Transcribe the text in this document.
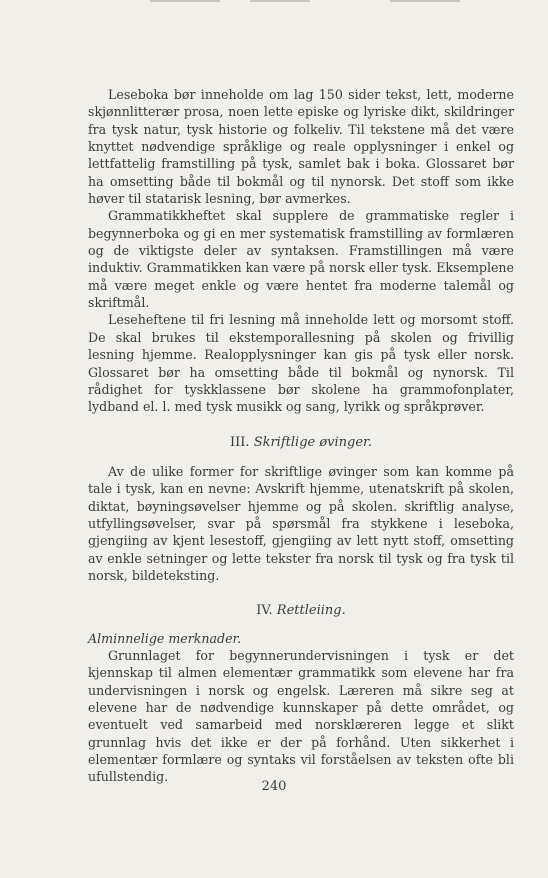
Leseboka bør inneholde om lag 150 sider tekst, lett, moderne skjønnlitterær prosa, noen lette episke og lyriske dikt, skildringer fra tysk natur, tysk historie og folkeliv. Til tekstene må det være knyttet nødvendige språklige og reale opplysninger i enkel og lettfattelig framstilling på tysk, samlet bak i boka. Glossaret bør ha omsetting både til bokmål og til nynorsk. Det stoff som ikke høver til statarisk lesning, bør avmerkes.

Grammatikkheftet skal supplere de grammatiske regler i begynnerboka og gi en mer systematisk framstilling av formlæren og de viktigste deler av syntaksen. Framstillingen må være induktiv. Grammatikken kan være på norsk eller tysk. Eksemplene må være meget enkle og være hentet fra moderne talemål og skriftmål.

Leseheftene til fri lesning må inneholde lett og morsomt stoff. De skal brukes til ekstemporallesning på skolen og frivillig lesning hjemme. Realopplysninger kan gis på tysk eller norsk. Glossaret bør ha omsetting både til bokmål og nynorsk. Til rådighet for tyskklassene bør skolene ha grammofonplater, lydband el. l. med tysk musikk og sang, lyrikk og språkprøver.

III. Skriftlige øvinger.

Av de ulike former for skriftlige øvinger som kan komme på tale i tysk, kan en nevne: Avskrift hjemme, utenatskrift på skolen, diktat, bøyningsøvelser hjemme og på skolen. skriftlig analyse, utfyllingsøvelser, svar på spørsmål fra stykkene i leseboka, gjengiing av kjent lesestoff, gjengiing av lett nytt stoff, omsetting av enkle setninger og lette tekster fra norsk til tysk og fra tysk til norsk, bildeteksting.

IV. Rettleiing.

Alminnelige merknader.

Grunnlaget for begynnerundervisningen i tysk er det kjennskap til almen elementær grammatikk som elevene har fra undervisningen i norsk og engelsk. Læreren må sikre seg at elevene har de nødvendige kunnskaper på dette området, og eventuelt ved samarbeid med norsklæreren legge et slikt grunnlag hvis det ikke er der på forhånd. Uten sikkerhet i elementær formlære og syntaks vil forståelsen av teksten ofte bli ufullstendig.

240
